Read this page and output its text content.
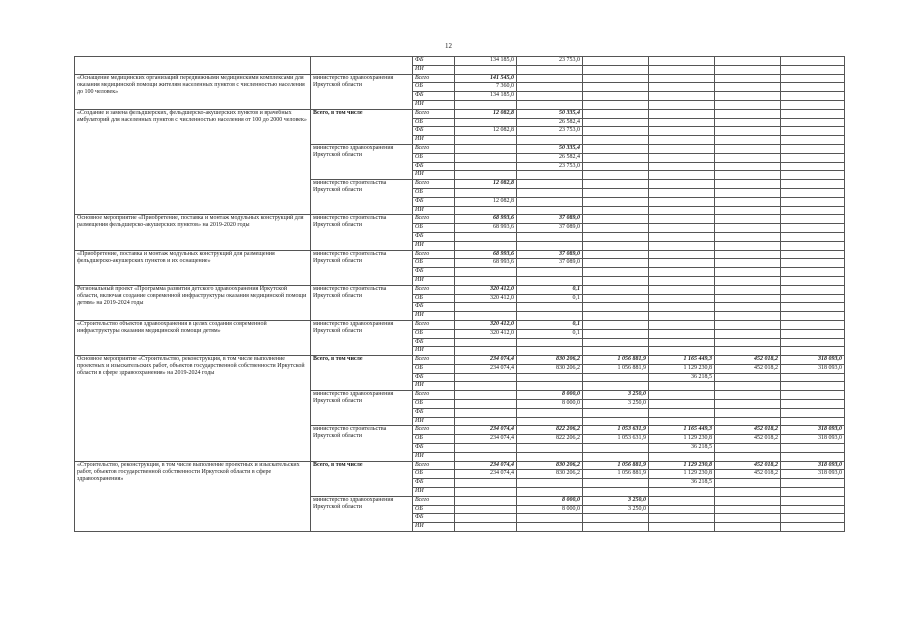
12
		ФБ	134 185,0	23 753,0				
		ИИ						
«Оснащение медицинских организаций передвижными медицинскими комплексами для оказания медицинской помощи жителям населенных пунктов с численностью населения до 100 человек»	министерство здравоохранения Иркутской области	Всего	141 545,0					
		ОБ	7 360,0					
		ФБ	134 185,0					
		ИИ						
«Создание и замена фельдшерских, фельдшерско-акушерских пунктов и врачебных амбулаторий для населенных пунктов с численностью населения от 100 до 2000 человек»	Всего, в том числе	Всего	12 082,8	50 335,4				
		ОБ		26 582,4				
		ФБ	12 082,8	23 753,0				
		ИИ						
	министерство здравоохранения Иркутской области	Всего		50 335,4				
		ОБ		26 582,4				
		ФБ		23 753,0				
		ИИ						
	министерство строительства Иркутской области	Всего	12 082,8					
		ОБ						
		ФБ	12 082,8					
		ИИ						
Основное мероприятие «Приобретение, поставка и монтаж модульных конструкций для размещения фельдшерско-акушерских пунктов» на 2019-2020 годы	министерство строительства Иркутской области	Всего	68 993,6	37 089,0				
		ОБ	68 993,6	37 089,0				
		ФБ						
		ИИ						
«Приобретение, поставка и монтаж модульных конструкций для размещения фельдшерско-акушерских пунктов и их оснащение»	министерство строительства Иркутской области	Всего	68 993,6	37 089,0				
		ОБ	68 993,6	37 089,0				
		ФБ						
		ИИ						
Региональный проект «Программа развития детского здравоохранения Иркутской области, включая создание современной инфраструктуры оказания медицинской помощи детям» на 2019-2024 годы	министерство строительства Иркутской области	Всего	320 412,0	0,1				
		ОБ	320 412,0	0,1				
		ФБ						
		ИИ						
«Строительство объектов здравоохранения в целях создания современной инфраструктуры оказания медицинской помощи детям»	министерство здравоохранения Иркутской области	Всего	320 412,0	0,1				
		ОБ	320 412,0	0,1				
		ФБ						
		ИИ						
Основное мероприятие «Строительство, реконструкция, в том числе выполнение проектных и изыскательских работ, объектов государственной собственности Иркутской области в сфере здравоохранения» на 2019-2024 годы	Всего, в том числе	Всего	234 074,4	830 206,2	1 056 881,9	1 165 449,3	452 018,2	318 093,0
		ОБ	234 074,4	830 206,2	1 056 881,9	1 129 230,8	452 018,2	318 093,0
		ФБ				36 218,5		
		ИИ						
	министерство здравоохранения Иркутской области	Всего		8 000,0	3 250,0			
		ОБ		8 000,0	3 250,0			
		ФБ						
		ИИ						
	министерство строительства Иркутской области	Всего	234 074,4	822 206,2	1 053 631,9	1 165 449,3	452 018,2	318 093,0
		ОБ	234 074,4	822 206,2	1 053 631,9	1 129 230,8	452 018,2	318 093,0
		ФБ				36 218,5		
		ИИ						
«Строительство, реконструкция, в том числе выполнение проектных и изыскательских работ, объектов государственной собственности Иркутской области в сфере здравоохранения»	Всего, в том числе	Всего	234 074,4	830 206,2	1 056 881,9	1 129 230,8	452 018,2	318 093,0
		ОБ	234 074,4	830 206,2	1 056 881,9	1 129 230,8	452 018,2	318 093,0
		ФБ				36 218,5		
		ИИ						
	министерство здравоохранения Иркутской области	Всего		8 000,0	3 250,0			
		ОБ		8 000,0	3 250,0			
		ФБ						
		ИИ						
